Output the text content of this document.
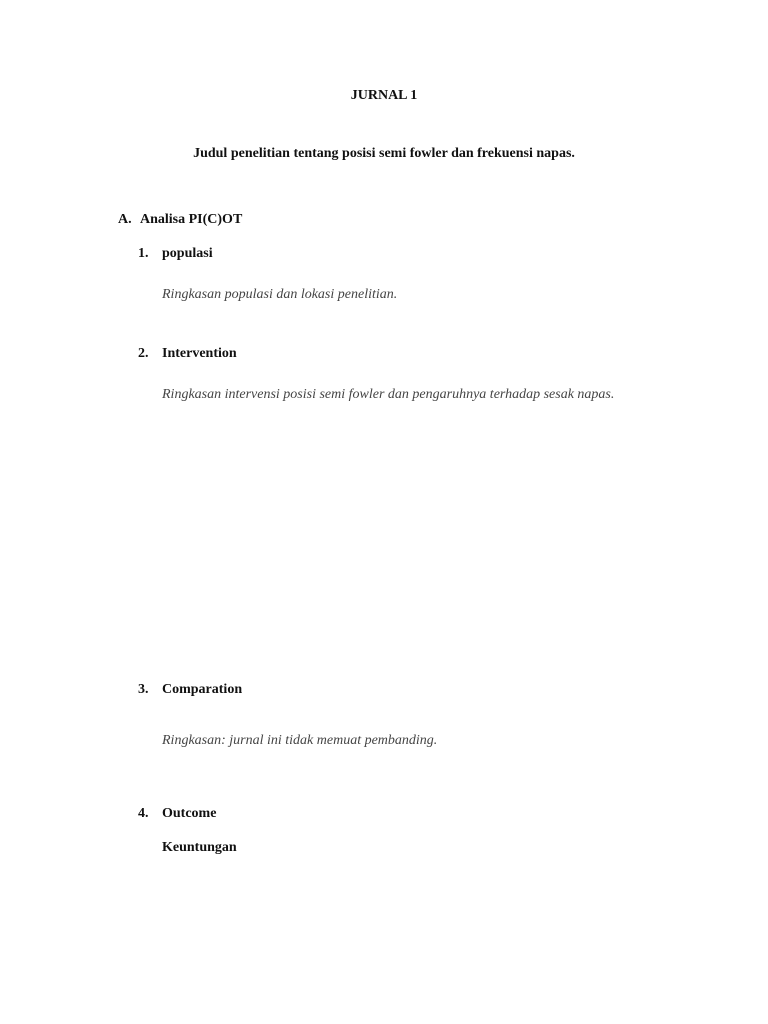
JURNAL 1
Judul penelitian tentang posisi semi fowler dan frekuensi napas.
A. Analisa PI(C)OT
1. populasi
Ringkasan populasi dan lokasi penelitian.
2. Intervention
Ringkasan intervensi posisi semi fowler dan pengaruhnya terhadap sesak napas.
3. Comparation
Ringkasan: jurnal ini tidak memuat pembanding.
4. Outcome
Keuntungan
